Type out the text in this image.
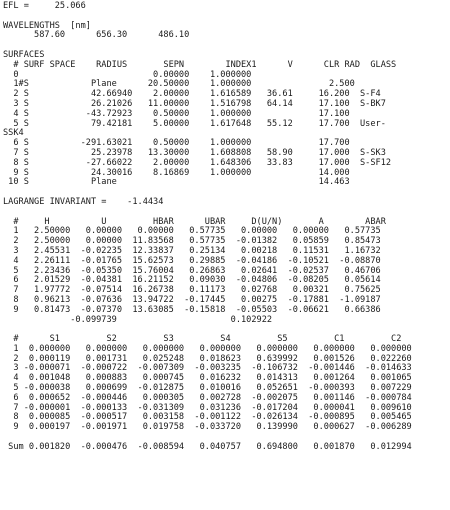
EFL =     25.066
WAVELENGTHS  [nm]
587.60      656.30      486.10
SURFACES
# SURF SPACE    RADIUS       SEPN        INDEX1      V      CLR RAD  GLASS
0                          0.00000    1.000000
1#S            Plane      20.50000    1.000000               2.500
2 S            42.66940    2.00000    1.616589   36.61     16.200  S-F4
3 S            26.21026   11.00000    1.516798   64.14     17.100  S-BK7
4 S           -43.72923    0.50000    1.000000             17.100
5 S            79.42181    5.00000    1.617648   55.12     17.700  User-
SSK4
6 S          -291.63021    0.50000    1.000000             17.700
7 S            25.23978   13.30000    1.608808   58.90     17.000  S-SK3
8 S           -27.66022    2.00000    1.648306   33.83     17.000  S-SF12
9 S            24.30016    8.16869    1.000000             14.000
10 S            Plane                                       14.463
LAGRANGE INVARIANT =    -1.4434
#     H          U         HBAR      UBAR     D(U/N)       A        ABAR
1   2.50000   0.00000   0.00000   0.57735   0.00000   0.00000   0.57735
2   2.50000   0.00000  11.83568   0.57735  -0.01382   0.05859   0.85473
3   2.45531  -0.02235  12.33837   0.25134   0.00218   0.11531   1.16732
4   2.26111  -0.01765  15.62573   0.29885  -0.04186  -0.10521  -0.08870
5   2.23436  -0.05350  15.76004   0.26863   0.02641  -0.02537   0.46706
6   2.01529  -0.04381  16.21152   0.09030  -0.04806  -0.08205   0.05614
7   1.97772  -0.07514  16.26738   0.11173   0.02768   0.00321   0.75625
8   0.96213  -0.07636  13.94722  -0.17445   0.00275  -0.17881  -1.09187
9   0.81473  -0.07370  13.63085  -0.15818  -0.05503  -0.06621   0.66386
-0.099739                      0.102922
#      S1         S2         S3         S4         S5         C1         C2
1  0.000000   0.000000   0.000000   0.000000   0.000000   0.000000   0.000000
2  0.000119   0.001731   0.025248   0.018623   0.639992   0.001526   0.022260
3 -0.000071  -0.000722  -0.007309  -0.003235  -0.106732  -0.001446  -0.014633
4  0.001048   0.000883   0.000745   0.016232   0.014313   0.001264   0.001065
5 -0.000038   0.000699  -0.012875   0.010016   0.052651  -0.000393   0.007229
6  0.000652  -0.000446   0.000305   0.002728  -0.002075   0.001146  -0.000784
7 -0.000001  -0.000133  -0.031309   0.031236  -0.017204   0.000041   0.009610
8  0.000085  -0.000517   0.003158  -0.001122  -0.026134  -0.000895   0.005465
9  0.000197  -0.001971   0.019758  -0.033720   0.139990   0.000627  -0.006289
Sum 0.001820  -0.000476  -0.008594   0.040757   0.694800   0.001870   0.012994
